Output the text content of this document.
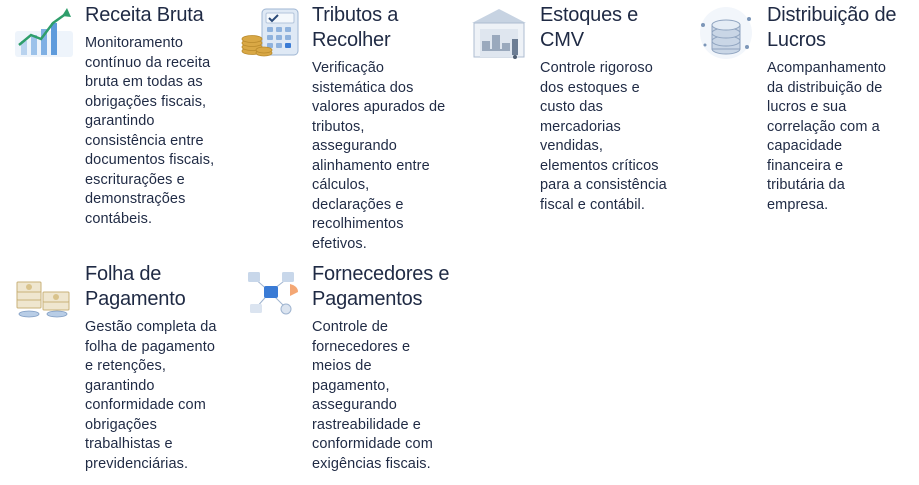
Receita Bruta
Monitoramento
contínuo da receita
bruta em todas as
obrigações fiscais,
garantindo
consistência entre
documentos fiscais,
escriturações e
demonstrações
contábeis.
Tributos a
Recolher
Verificação
sistemática dos
valores apurados de
tributos,
assegurando
alinhamento entre
cálculos,
declarações e
recolhimentos
efetivos.
Estoques e
CMV
Controle rigoroso
dos estoques e
custo das
mercadorias
vendidas,
elementos críticos
para a consistência
fiscal e contábil.
Distribuição de
Lucros
Acompanhamento
da distribuição de
lucros e sua
correlação com a
capacidade
financeira e
tributária da
empresa.
Folha de
Pagamento
Gestão completa da
folha de pagamento
e retenções,
garantindo
conformidade com
obrigações
trabalhistas e
previdenciárias.
Fornecedores e
Pagamentos
Controle de
fornecedores e
meios de
pagamento,
assegurando
rastreabilidade e
conformidade com
exigências fiscais.
